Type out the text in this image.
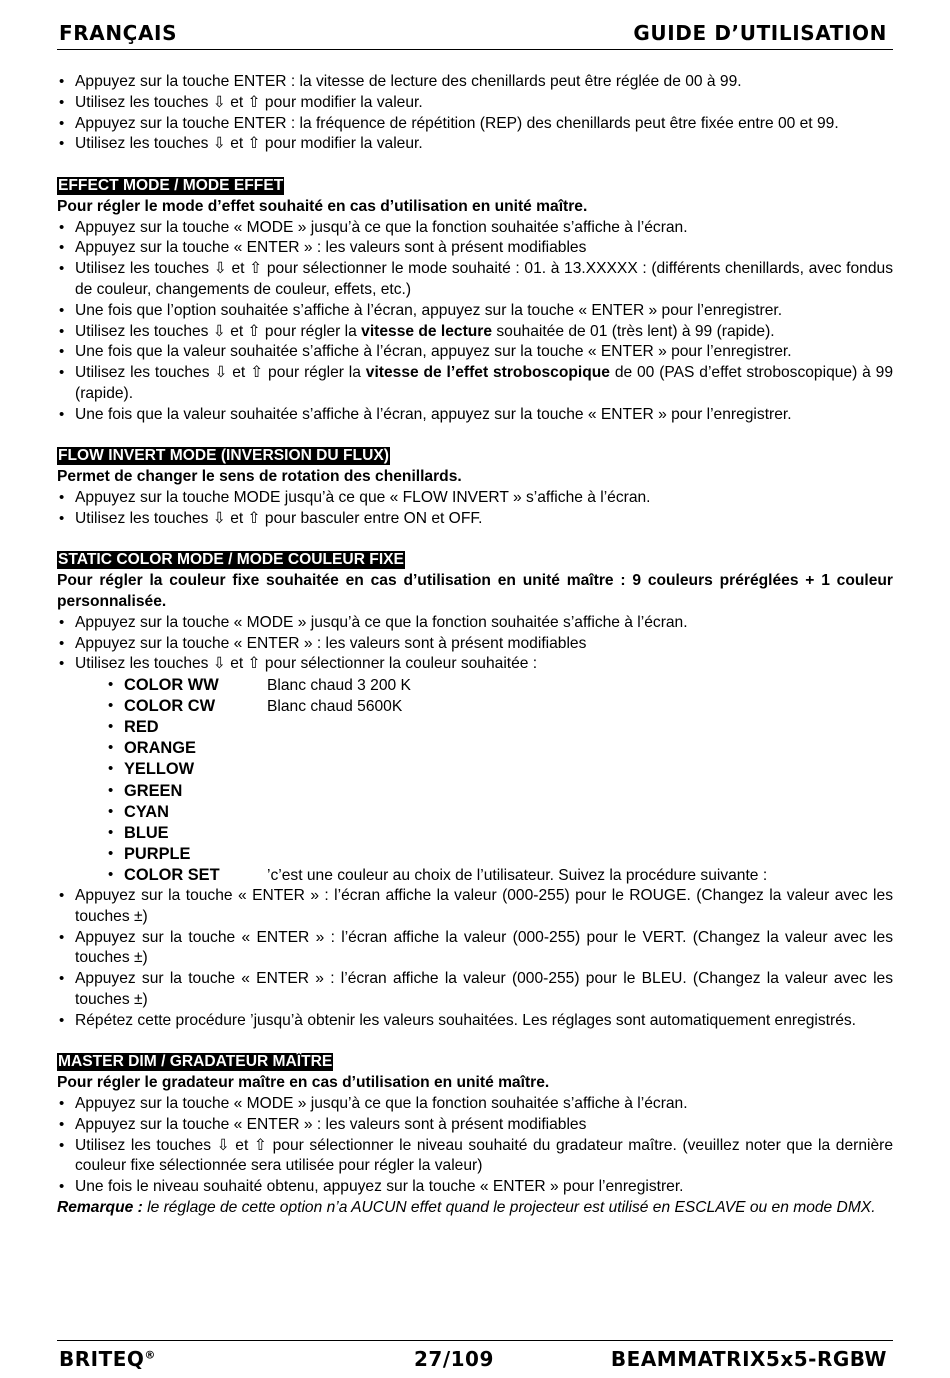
FRANÇAIS	GUIDE D’UTILISATION
• Appuyez sur la touche ENTER : la vitesse de lecture des chenillards peut être réglée de 00 à 99.
• Utilisez les touches ⇩ et ⇧ pour modifier la valeur.
• Appuyez sur la touche ENTER : la fréquence de répétition (REP) des chenillards peut être fixée entre 00 et 99.
• Utilisez les touches ⇩ et ⇧ pour modifier la valeur.
EFFECT MODE / MODE EFFET
Pour régler le mode d’effet souhaité en cas d’utilisation en unité maître.
• Appuyez sur la touche « MODE » jusqu’à ce que la fonction souhaitée s’affiche à l’écran.
• Appuyez sur la touche « ENTER » : les valeurs sont à présent modifiables
• Utilisez les touches ⇩ et ⇧ pour sélectionner le mode souhaité : 01. à 13.XXXXX : (différents chenillards, avec fondus de couleur, changements de couleur, effets, etc.)
• Une fois que l’option souhaitée s’affiche à l’écran, appuyez sur la touche « ENTER » pour l’enregistrer.
• Utilisez les touches ⇩ et ⇧ pour régler la vitesse de lecture souhaitée de 01 (très lent) à 99 (rapide).
• Une fois que la valeur souhaitée s’affiche à l’écran, appuyez sur la touche « ENTER » pour l’enregistrer.
• Utilisez les touches ⇩ et ⇧ pour régler la vitesse de l’effet stroboscopique de 00 (PAS d’effet stroboscopique) à 99 (rapide).
• Une fois que la valeur souhaitée s’affiche à l’écran, appuyez sur la touche « ENTER » pour l’enregistrer.
FLOW INVERT MODE (INVERSION DU FLUX)
Permet de changer le sens de rotation des chenillards.
• Appuyez sur la touche MODE jusqu’à ce que « FLOW INVERT » s’affiche à l’écran.
• Utilisez les touches ⇩ et ⇧ pour basculer entre ON et OFF.
STATIC COLOR MODE / MODE COULEUR FIXE
Pour régler la couleur fixe souhaitée en cas d’utilisation en unité maître : 9 couleurs préréglées + 1 couleur personnalisée.
• Appuyez sur la touche « MODE » jusqu’à ce que la fonction souhaitée s’affiche à l’écran.
• Appuyez sur la touche « ENTER » : les valeurs sont à présent modifiables
• Utilisez les touches ⇩ et ⇧ pour sélectionner la couleur souhaitée :
• COLOR WW	Blanc chaud 3 200 K
• COLOR CW	Blanc chaud 5600K
• RED
• ORANGE
• YELLOW
• GREEN
• CYAN
• BLUE
• PURPLE
• COLOR SET	’c’est une couleur au choix de l’utilisateur. Suivez la procédure suivante :
• Appuyez sur la touche « ENTER » : l’écran affiche la valeur (000-255) pour le ROUGE. (Changez la valeur avec les touches ±)
• Appuyez sur la touche « ENTER » : l’écran affiche la valeur (000-255) pour le VERT. (Changez la valeur avec les touches ±)
• Appuyez sur la touche « ENTER » : l’écran affiche la valeur (000-255) pour le BLEU. (Changez la valeur avec les touches ±)
• Répétez cette procédure ’jusqu’à obtenir les valeurs souhaitées. Les réglages sont automatiquement enregistrés.
MASTER DIM / GRADATEUR MAÎTRE
Pour régler le gradateur maître en cas d’utilisation en unité maître.
• Appuyez sur la touche « MODE » jusqu’à ce que la fonction souhaitée s’affiche à l’écran.
• Appuyez sur la touche « ENTER » : les valeurs sont à présent modifiables
• Utilisez les touches ⇩ et ⇧ pour sélectionner le niveau souhaité du gradateur maître. (veuillez noter que la dernière couleur fixe sélectionnée sera utilisée pour régler la valeur)
• Une fois le niveau souhaité obtenu, appuyez sur la touche « ENTER » pour l’enregistrer.
Remarque : le réglage de cette option n’a AUCUN effet quand le projecteur est utilisé en ESCLAVE ou en mode DMX.
BRITEQ®	27/109	BEAMMATRIX5x5-RGBW
